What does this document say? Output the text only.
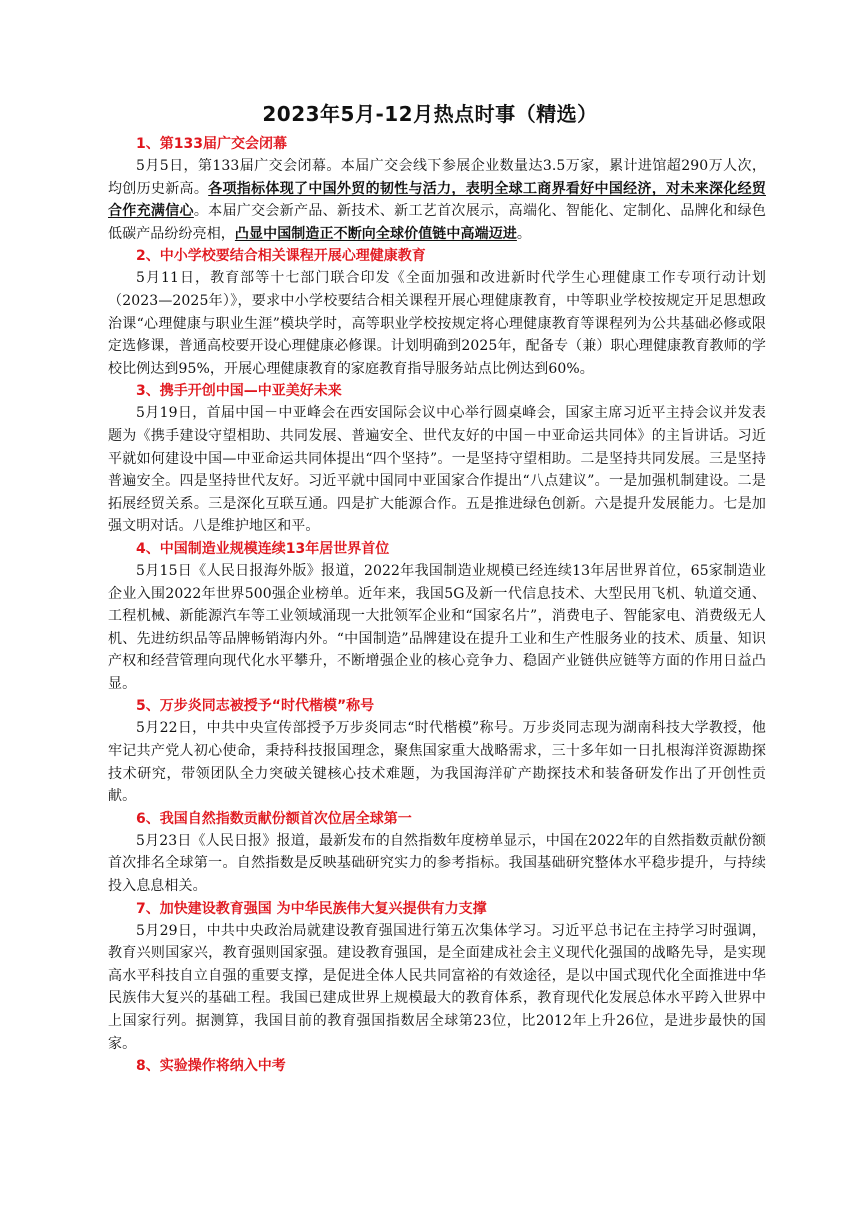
2023年5月-12月热点时事（精选）

1、第133届广交会闭幕

5月5日，第133届广交会闭幕。本届广交会线下参展企业数量达3.5万家，累计进馆超290万人次，均创历史新高。各项指标体现了中国外贸的韧性与活力，表明全球工商界看好中国经济，对未来深化经贸合作充满信心。本届广交会新产品、新技术、新工艺首次展示，高端化、智能化、定制化、品牌化和绿色低碳产品纷纷亮相，凸显中国制造正不断向全球价值链中高端迈进。

2、中小学校要结合相关课程开展心理健康教育

5月11日，教育部等十七部门联合印发《全面加强和改进新时代学生心理健康工作专项行动计划（2023—2025年）》，要求中小学校要结合相关课程开展心理健康教育，中等职业学校按规定开足思想政治课“心理健康与职业生涯”模块学时，高等职业学校按规定将心理健康教育等课程列为公共基础必修或限定选修课，普通高校要开设心理健康必修课。计划明确到2025年，配备专（兼）职心理健康教育教师的学校比例达到95%，开展心理健康教育的家庭教育指导服务站点比例达到60%。

3、携手开创中国—中亚美好未来

5月19日，首届中国－中亚峰会在西安国际会议中心举行圆桌峰会，国家主席习近平主持会议并发表题为《携手建设守望相助、共同发展、普遍安全、世代友好的中国－中亚命运共同体》的主旨讲话。习近平就如何建设中国—中亚命运共同体提出“四个坚持”。一是坚持守望相助。二是坚持共同发展。三是坚持普遍安全。四是坚持世代友好。习近平就中国同中亚国家合作提出“八点建议”。一是加强机制建设。二是拓展经贸关系。三是深化互联互通。四是扩大能源合作。五是推进绿色创新。六是提升发展能力。七是加强文明对话。八是维护地区和平。

4、中国制造业规模连续13年居世界首位

5月15日《人民日报海外版》报道，2022年我国制造业规模已经连续13年居世界首位，65家制造业企业入围2022年世界500强企业榜单。近年来，我国5G及新一代信息技术、大型民用飞机、轨道交通、工程机械、新能源汽车等工业领域涌现一大批领军企业和“国家名片”，消费电子、智能家电、消费级无人机、先进纺织品等品牌畅销海内外。“中国制造”品牌建设在提升工业和生产性服务业的技术、质量、知识产权和经营管理向现代化水平攀升，不断增强企业的核心竞争力、稳固产业链供应链等方面的作用日益凸显。

5、万步炎同志被授予“时代楷模”称号

5月22日，中共中央宣传部授予万步炎同志“时代楷模”称号。万步炎同志现为湖南科技大学教授，他牢记共产党人初心使命，秉持科技报国理念，聚焦国家重大战略需求，三十多年如一日扎根海洋资源勘探技术研究，带领团队全力突破关键核心技术难题，为我国海洋矿产勘探技术和装备研发作出了开创性贡献。

6、我国自然指数贡献份额首次位居全球第一

5月23日《人民日报》报道，最新发布的自然指数年度榜单显示，中国在2022年的自然指数贡献份额首次排名全球第一。自然指数是反映基础研究实力的参考指标。我国基础研究整体水平稳步提升，与持续投入息息相关。

7、加快建设教育强国 为中华民族伟大复兴提供有力支撑

5月29日，中共中央政治局就建设教育强国进行第五次集体学习。习近平总书记在主持学习时强调，教育兴则国家兴，教育强则国家强。建设教育强国，是全面建成社会主义现代化强国的战略先导，是实现高水平科技自立自强的重要支撑，是促进全体人民共同富裕的有效途径，是以中国式现代化全面推进中华民族伟大复兴的基础工程。我国已建成世界上规模最大的教育体系，教育现代化发展总体水平跨入世界中上国家行列。据测算，我国目前的教育强国指数居全球第23位，比2012年上升26位，是进步最快的国家。

8、实验操作将纳入中考
